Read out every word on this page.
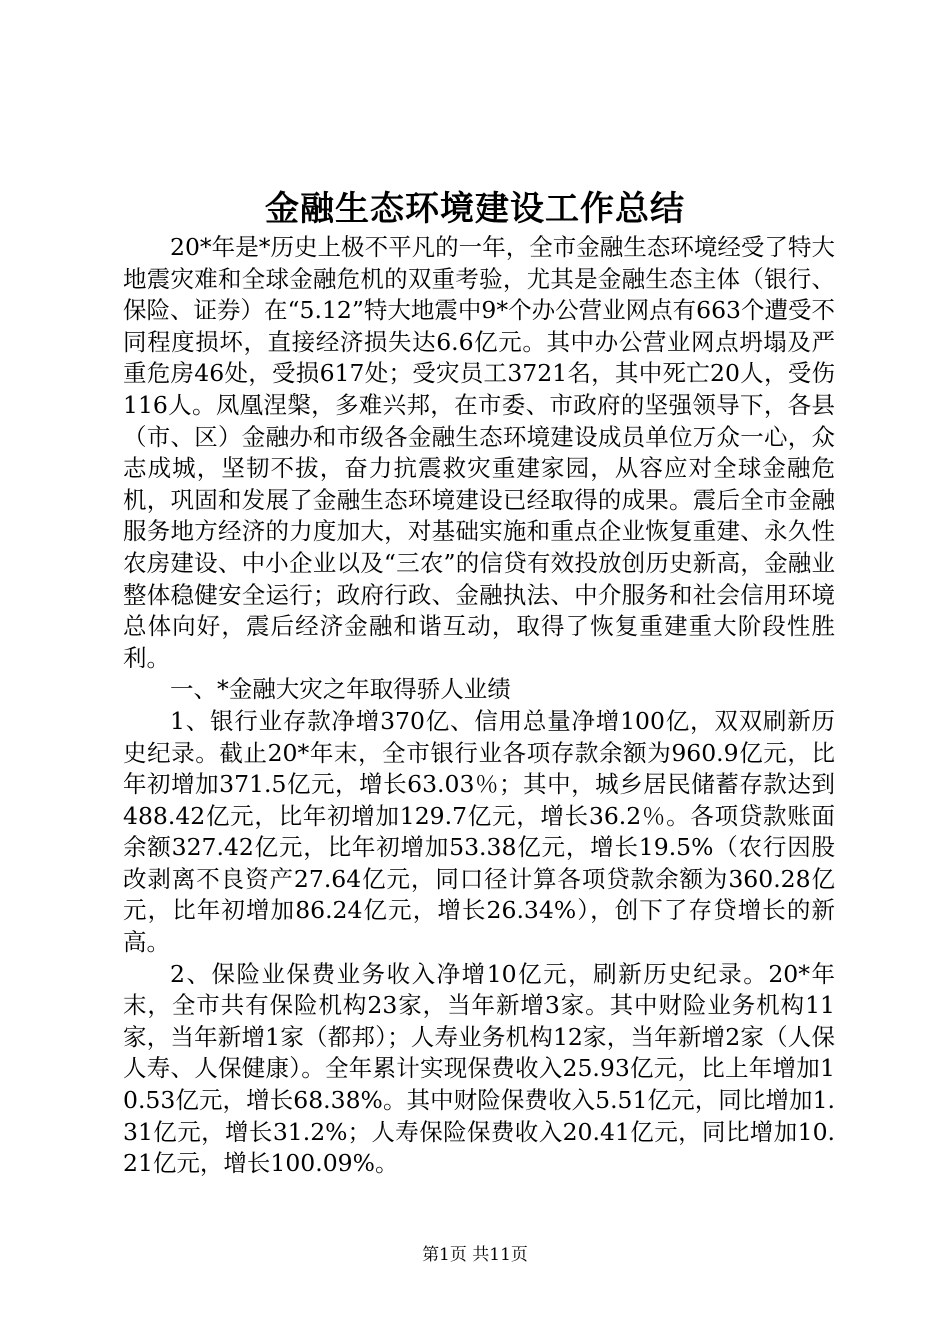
金融生态环境建设工作总结

20*年是*历史上极不平凡的一年，全市金融生态环境经受了特大地震灾难和全球金融危机的双重考验，尤其是金融生态主体（银行、保险、证券）在“5.12”特大地震中9*个办公营业网点有663个遭受不同程度损坏，直接经济损失达6.6亿元。其中办公营业网点坍塌及严重危房46处，受损617处；受灾员工3721名，其中死亡20人，受伤116人。凤凰涅槃，多难兴邦，在市委、市政府的坚强领导下，各县（市、区）金融办和市级各金融生态环境建设成员单位万众一心，众志成城，坚韧不拔，奋力抗震救灾重建家园，从容应对全球金融危机，巩固和发展了金融生态环境建设已经取得的成果。震后全市金融服务地方经济的力度加大，对基础实施和重点企业恢复重建、永久性农房建设、中小企业以及“三农”的信贷有效投放创历史新高，金融业整体稳健安全运行；政府行政、金融执法、中介服务和社会信用环境总体向好，震后经济金融和谐互动，取得了恢复重建重大阶段性胜利。

一、*金融大灾之年取得骄人业绩

1、银行业存款净增370亿、信用总量净增100亿，双双刷新历史纪录。截止20*年末，全市银行业各项存款余额为960.9亿元，比年初增加371.5亿元，增长63.03％；其中，城乡居民储蓄存款达到488.42亿元，比年初增加129.7亿元，增长36.2％。各项贷款账面余额327.42亿元，比年初增加53.38亿元，增长19.5%（农行因股改剥离不良资产27.64亿元，同口径计算各项贷款余额为360.28亿元，比年初增加86.24亿元，增长26.34%），创下了存贷增长的新高。

2、保险业保费业务收入净增10亿元，刷新历史纪录。20*年末，全市共有保险机构23家，当年新增3家。其中财险业务机构11家，当年新增1家（都邦）；人寿业务机构12家，当年新增2家（人保人寿、人保健康）。全年累计实现保费收入25.93亿元，比上年增加10.53亿元，增长68.38%。其中财险保费收入5.51亿元，同比增加1.31亿元，增长31.2%；人寿保险保费收入20.41亿元，同比增加10.21亿元，增长100.09%。

第1页 共11页
